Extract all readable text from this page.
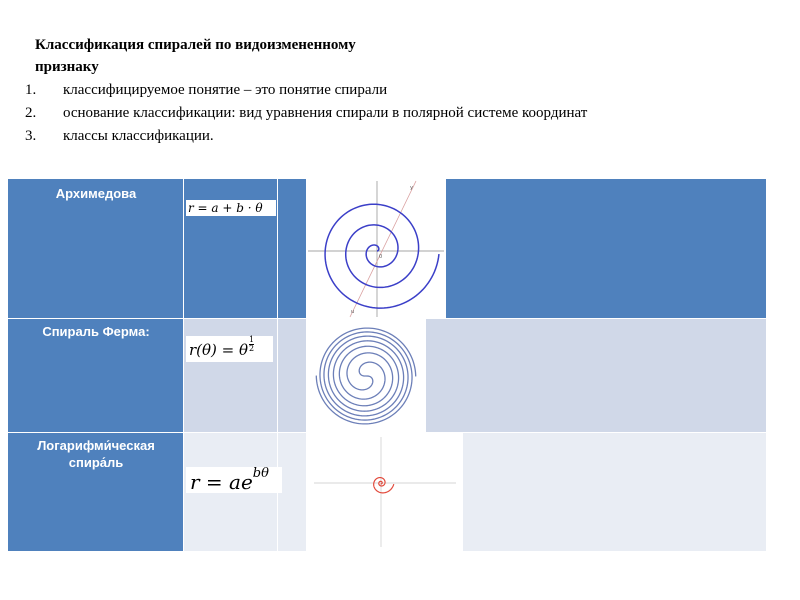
Классификация спиралей по видоизмененному
признаку
1. классифицируемое понятие – это понятие спирали
2. основание классификации: вид уравнения спирали в полярной системе координат
3. классы классификации.
Архимедова
Спираль Ферма:
Логарифми́ческая
спира́ль
r = a + b · θ
r(θ) = θ $\frac{1}{2}$
$r = ae^{b\theta}$
y
u
0
